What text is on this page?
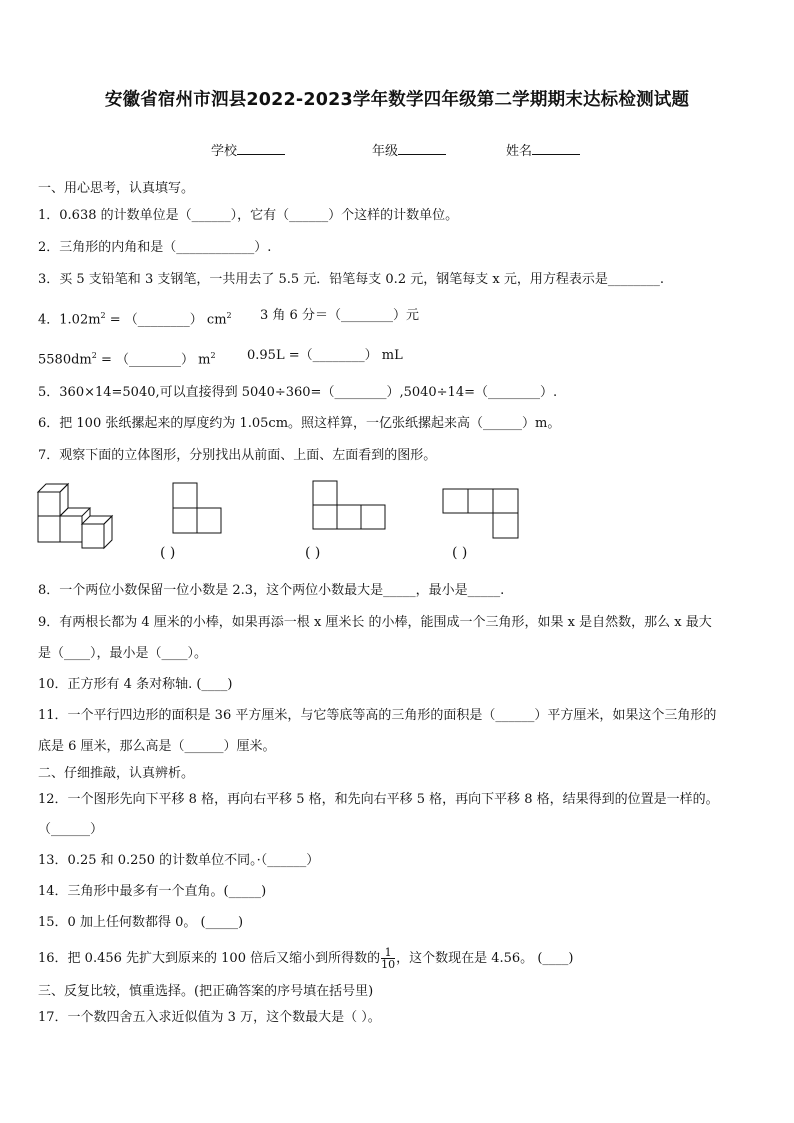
安徽省宿州市泗县2022-2023学年数学四年级第二学期期末达标检测试题
学校	年级	姓名
一、用心思考，认真填写。
1．0.638 的计数单位是（______），它有（______）个这样的计数单位。
2．三角形的内角和是（____________）.
3．买 5 支铅笔和 3 支钢笔，一共用去了 5.5 元．铅笔每支 0.2 元，钢笔每支 x 元，用方程表示是________.
4．$1.02m^2$ = （________） $cm^2$ 3 角 6 分＝（________）元
$5580dm^2$ = （________） $m^2$ 0.95L =（________） mL
5．360×14=5040,可以直接得到 5040÷360=（________）,5040÷14=（________）.
6．把 100 张纸摞起来的厚度约为 1.05cm。照这样算，一亿张纸摞起来高（______）m。
7．观察下面的立体图形，分别找出从前面、上面、左面看到的图形。
( )	( )	( )
8．一个两位小数保留一位小数是 2.3，这个两位小数最大是_____，最小是_____.
9．有两根长都为 4 厘米的小棒，如果再添一根 x 厘米长 的小棒，能围成一个三角形，如果 x 是自然数，那么 x 最大
是（____），最小是（____）。
10．正方形有 4 条对称轴. (____)
11．一个平行四边形的面积是 36 平方厘米，与它等底等高的三角形的面积是（______）平方厘米，如果这个三角形的
底是 6 厘米，那么高是（______）厘米。
二、仔细推敲，认真辨析。
12．一个图形先向下平移 8 格，再向右平移 5 格，和先向右平移 5 格，再向下平移 8 格，结果得到的位置是一样的。
（______）
13．0.25 和 0.250 的计数单位不同。·（______）
14．三角形中最多有一个直角。(_____)
15．0 加上任何数都得 0。 (_____)
16．把 0.456 先扩大到原来的 100 倍后又缩小到所得数的 $\frac{1}{10}$ ，这个数现在是 4.56。 (____)
三、反复比较，慎重选择。(把正确答案的序号填在括号里)
17．一个数四舍五入求近似值为 3 万，这个数最大是（ ）。
